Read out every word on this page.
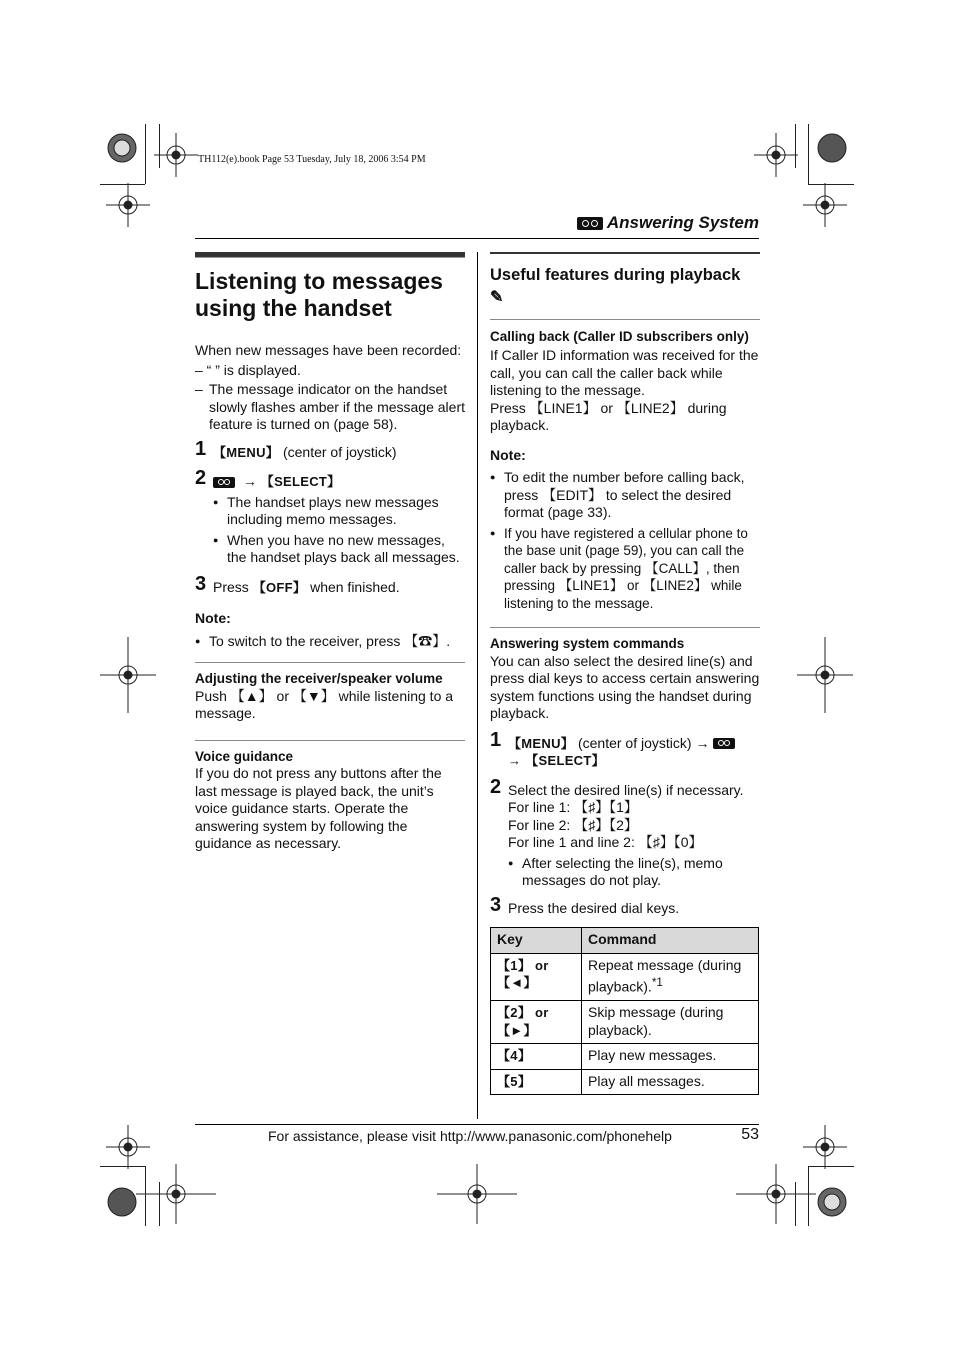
TH112(e).book Page 53 Tuesday, July 18, 2006 3:54 PM
Answering System
Listening to messages using the handset

When new messages have been recorded:

– “ ” is displayed.

– The message indicator on the handset slowly flashes amber if the message alert feature is turned on (page 58).
1 【MENU】 (center of joystick)
2 → 【SELECT】
● The handset plays new messages including memo messages.
● When you have no new messages, the handset plays back all messages.
3 Press 【OFF】 when finished.
Note:
● To switch to the receiver, press 【☎】.
Adjusting the receiver/speaker volume

Push 【▲】 or 【▼】 while listening to a message.

Voice guidance

If you do not press any buttons after the last message is played back, the unit’s voice guidance starts. Operate the answering system by following the guidance as necessary.

Useful features during playback
✎
Calling back (Caller ID subscribers only)

If Caller ID information was received for the call, you can call the caller back while listening to the message.

Press 【LINE1】 or 【LINE2】 during playback.

Note:
● To edit the number before calling back, press 【EDIT】 to select the desired format (page 33).
● If you have registered a cellular phone to the base unit (page 59), you can call the caller back by pressing 【CALL】, then pressing 【LINE1】 or 【LINE2】 while listening to the message.
Answering system commands

You can also select the desired line(s) and press dial keys to access certain answering system functions using the handset during playback.

1 【MENU】 (center of joystick) →
→ 【SELECT】
2 Select the desired line(s) if necessary.
For line 1: 【♯】【1】
For line 2: 【♯】【2】
For line 1 and line 2: 【♯】【0】
● After selecting the line(s), memo messages do not play.
3 Press the desired dial keys.
Key	Command
【1】 or 【◄】	Repeat message (during playback).$^{*1}$
【2】 or 【►】	Skip message (during playback).
【4】	Play new messages.
【5】	Play all messages.
For assistance, please visit http://www.panasonic.com/phonehelp	53
